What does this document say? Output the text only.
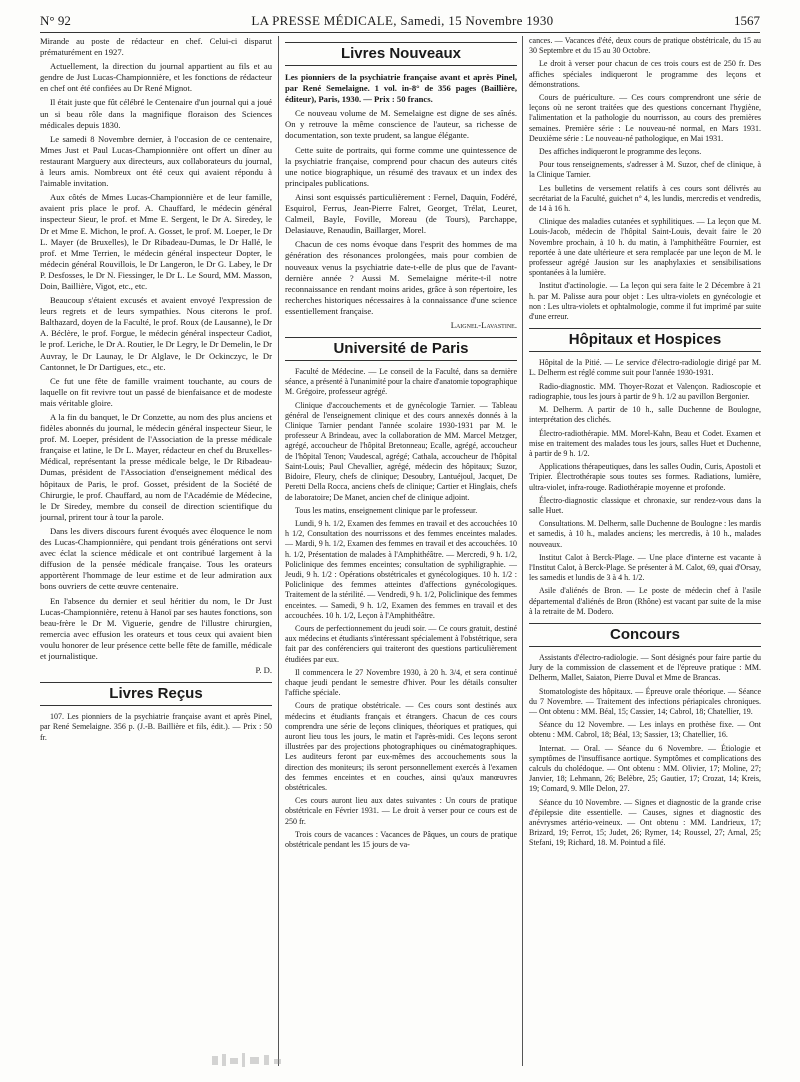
N° 92	LA PRESSE MÉDICALE, Samedi, 15 Novembre 1930	1567

Mirande au poste de rédacteur en chef. Celui-ci disparut prématurément en 1927.

Actuellement, la direction du journal appartient au fils et au gendre de Just Lucas-Championnière, et les fonctions de rédacteur en chef ont été confiées au Dr René Mignot.

Il était juste que fût célébré le Centenaire d'un journal qui a joué un si beau rôle dans la magnifique floraison des Sciences médicales depuis 1830.

Le samedi 8 Novembre dernier, à l'occasion de ce centenaire, Mmes Just et Paul Lucas-Championnière ont offert un dîner au restaurant Marguery aux directeurs, aux collaborateurs du journal, à leurs amis. Nombreux ont été ceux qui avaient répondu à l'aimable invitation.

Aux côtés de Mmes Lucas-Championnière et de leur famille, avaient pris place le prof. A. Chauffard, le médecin général inspecteur Sieur, le prof. et Mme E. Sergent, le Dr A. Siredey, le Dr et Mme E. Michon, le prof. A. Gosset, le prof. M. Loeper, le Dr L. Mayer (de Bruxelles), le Dr Ribadeau-Dumas, le Dr Hallé, le prof. et Mme Terrien, le médecin général inspecteur Dopter, le médecin général Rouvillois, le Dr Langeron, le Dr G. Labey, le Dr P. Desfosses, le Dr N. Fiessinger, le Dr L. Le Sourd, MM. Masson, Doin, Baillière, Vigot, etc., etc.

Beaucoup s'étaient excusés et avaient envoyé l'expression de leurs regrets et de leurs sympathies. Nous citerons le prof. Balthazard, doyen de la Faculté, le prof. Roux (de Lausanne), le Dr A. Béclère, le prof. Forgue, le médecin général inspecteur Cadiot, le prof. Leriche, le Dr A. Routier, le Dr Legry, le Dr Demelin, le Dr Auvray, le Dr Launay, le Dr Alglave, le Dr Ockinczyc, le Dr Cantonnet, le Dr Dartigues, etc., etc.

Ce fut une fête de famille vraiment touchante, au cours de laquelle on fit revivre tout un passé de bienfaisance et de modeste mais véritable gloire.

A la fin du banquet, le Dr Conzette, au nom des plus anciens et fidèles abonnés du journal, le médecin général inspecteur Sieur, le prof. M. Loeper, président de l'Association de la presse médicale française et latine, le Dr L. Mayer, rédacteur en chef du Bruxelles-Médical, représentant la presse médicale belge, le Dr Ribadeau-Dumas, président de l'Association d'enseignement médical des hôpitaux de Paris, le prof. Gosset, président de la Société de Chirurgie, le prof. Chauffard, au nom de l'Académie de Médecine, le Dr Siredey, membre du conseil de direction scientifique du journal, prirent tour à tour la parole.

Dans les divers discours furent évoqués avec éloquence le nom des Lucas-Championnière, qui pendant trois générations ont servi avec éclat la science médicale et ont contribué largement à la diffusion de la pensée médicale française. Tous les orateurs apportèrent l'hommage de leur estime et de leur admiration aux bons ouvriers de cette œuvre centenaire.

En l'absence du dernier et seul héritier du nom, le Dr Just Lucas-Championnière, retenu à Hanoï par ses hautes fonctions, son beau-frère le Dr M. Viguerie, gendre de l'illustre chirurgien, remercia avec effusion les orateurs et tous ceux qui avaient bien voulu honorer de leur présence cette belle fête de famille, médicale et journalistique.

P. D.
Livres Reçus

107. Les pionniers de la psychiatrie française avant et après Pinel, par René Semelaigne. 356 p. (J.-B. Baillière et fils, édit.). — Prix : 50 fr.

Livres Nouveaux

Les pionniers de la psychiatrie française avant et après Pinel, par René Semelaigne. 1 vol. in-8° de 356 pages (Baillière, éditeur), Paris, 1930. — Prix : 50 francs.

Ce nouveau volume de M. Semelaigne est digne de ses aînés. On y retrouve la même conscience de l'auteur, sa richesse de documentation, son texte prudent, sa langue élégante.

Cette suite de portraits, qui forme comme une quintessence de la psychiatrie française, comprend pour chacun des auteurs cités une notice biographique, un résumé des travaux et un index des principales publications.

Ainsi sont esquissés particulièrement : Fernel, Daquin, Fodéré, Esquirol, Ferrus, Jean-Pierre Falret, Georget, Trélat, Leuret, Calmeil, Bayle, Foville, Moreau (de Tours), Parchappe, Delasiauve, Renaudin, Baillarger, Morel.

Chacun de ces noms évoque dans l'esprit des hommes de ma génération des résonances prolongées, mais pour combien de nouveaux venus la psychiatrie date-t-elle de plus que de l'avant-dernière année ? Aussi M. Semelaigne mérite-t-il notre reconnaissance en rendant moins arides, grâce à son répertoire, les recherches historiques nécessaires à la connaissance d'une science essentiellement française.

Laignel-Lavastine.
Université de Paris

Faculté de Médecine. — Le conseil de la Faculté, dans sa dernière séance, a présenté à l'unanimité pour la chaire d'anatomie topographique M. Grégoire, professeur agrégé.

Clinique d'accouchements et de gynécologie Tarnier. — Tableau général de l'enseignement clinique et des cours annexés donnés à la Clinique Tarnier pendant l'année scolaire 1930-1931 par M. le professeur A Brindeau, avec la collaboration de MM. Marcel Metzger, agrégé, accoucheur de l'hôpital Bretonneau; Ecalle, agrégé, accoucheur de l'hôpital Tenon; Vaudescal, agrégé; Cathala, accoucheur de l'hôpital Saint-Louis; Paul Chevallier, agrégé, médecin des hôpitaux; Suzor, Bidoire, Fleury, chefs de clinique; Desoubry, Lantuéjoul, Jacquet, De Peretti Della Rocca, anciens chefs de clinique; Cartier et Hinglais, chefs de laboratoire; De Manet, ancien chef de clinique adjoint.

Tous les matins, enseignement clinique par le professeur.

Lundi, 9 h. 1/2, Examen des femmes en travail et des accouchées 10 h 1/2, Consultation des nourrissons et des femmes enceintes malades. — Mardi, 9 h. 1/2, Examen des femmes en travail et des accouchées. 10 h. 1/2, Présentation de malades à l'Amphithéâtre. — Mercredi, 9 h. 1/2, Policlinique des femmes enceintes; consultation de syphiligraphie. — Jeudi, 9 h. 1/2 : Opérations obstétricales et gynécologiques. 10 h. 1/2 : Policlinique des femmes atteintes d'affections gynécologiques. Traitement de la stérilité. — Vendredi, 9 h. 1/2, Policlinique des femmes enceintes. — Samedi, 9 h. 1/2, Examen des femmes en travail et des accouchées. 10 h. 1/2, Leçon à l'Amphithéâtre.

Cours de perfectionnement du jeudi soir. — Ce cours gratuit, destiné aux médecins et étudiants s'intéressant spécialement à l'obstétrique, sera fait par des conférenciers qui traiteront des questions particulièrement étudiées par eux.

Il commencera le 27 Novembre 1930, à 20 h. 3/4, et sera continué chaque jeudi pendant le semestre d'hiver. Pour les détails consulter l'affiche spéciale.

Cours de pratique obstétricale. — Ces cours sont destinés aux médecins et étudiants français et étrangers. Chacun de ces cours comprendra une série de leçons cliniques, théoriques et pratiques, qui auront lieu tous les jours, le matin et l'après-midi. Ces leçons seront illustrées par des projections photographiques ou cinématographiques. Les auditeurs feront par eux-mêmes des accouchements sous la direction des moniteurs; ils seront personnellement exercés à l'examen des femmes enceintes et en couches, ainsi qu'aux manœuvres obstétricales.

Ces cours auront lieu aux dates suivantes : Un cours de pratique obstétricale en Février 1931. — Le droit à verser pour ce cours est de 250 fr.

Trois cours de vacances : Vacances de Pâques, un cours de pratique obstétricale pendant les 15 jours de va-

cances. — Vacances d'été, deux cours de pratique obstétricale, du 15 au 30 Septembre et du 15 au 30 Octobre.

Le droit à verser pour chacun de ces trois cours est de 250 fr. Des affiches spéciales indiqueront le programme des leçons et démonstrations.

Cours de puériculture. — Ces cours comprendront une série de leçons où ne seront traitées que des questions concernant l'hygiène, l'alimentation et la pathologie du nourrisson, au cours des premières semaines. Première série : Le nouveau-né normal, en Mars 1931. Deuxième série : Le nouveau-né pathologique, en Mai 1931.

Des affiches indiqueront le programme des leçons.

Pour tous renseignements, s'adresser à M. Suzor, chef de clinique, à la Clinique Tarnier.

Les bulletins de versement relatifs à ces cours sont délivrés au secrétariat de la Faculté, guichet n° 4, les lundis, mercredis et vendredis, de 14 à 16 h.

Clinique des maladies cutanées et syphilitiques. — La leçon que M. Louis-Jacob, médecin de l'hôpital Saint-Louis, devait faire le 20 Novembre prochain, à 10 h. du matin, à l'amphithéâtre Fournier, est reportée à une date ultérieure et sera remplacée par une leçon de M. le professeur agrégé Jausion sur les anaphylaxies et sensibilisations spontanées à la lumière.

Institut d'actinologie. — La leçon qui sera faite le 2 Décembre à 21 h. par M. Palisse aura pour objet : Les ultra-violets en gynécologie et non : Les ultra-violets et ophtalmologie, comme il fut imprimé par suite d'une erreur.

Hôpitaux et Hospices

Hôpital de la Pitié. — Le service d'électro-radiologie dirigé par M. L. Delherm est réglé comme suit pour l'année 1930-1931.

Radio-diagnostic. MM. Thoyer-Rozat et Valençon. Radioscopie et radiographie, tous les jours à partir de 9 h. 1/2 au pavillon Bergonier.

M. Delherm. A partir de 10 h., salle Duchenne de Boulogne, interprétation des clichés.

Électro-radiothérapie. MM. Morel-Kahn, Beau et Codet. Examen et mise en traitement des malades tous les jours, salles Huet et Duchenne, à partir de 9 h. 1/2.

Applications thérapeutiques, dans les salles Oudin, Curis, Apostoli et Tripier. Électrothérapie sous toutes ses formes. Radiations, lumière, ultra-violet, infra-rouge. Radiothérapie moyenne et profonde.

Électro-diagnostic classique et chronaxie, sur rendez-vous dans la salle Huet.

Consultations. M. Delherm, salle Duchenne de Boulogne : les mardis et samedis, à 10 h., malades anciens; les mercredis, à 10 h., malades nouveaux.

Institut Calot à Berck-Plage. — Une place d'interne est vacante à l'Institut Calot, à Berck-Plage. Se présenter à M. Calot, 69, quai d'Orsay, les samedis et lundis de 3 à 4 h. 1/2.

Asile d'aliénés de Bron. — Le poste de médecin chef à l'asile départemental d'aliénés de Bron (Rhône) est vacant par suite de la mise à la retraite de M. Dodero.

Concours

Assistants d'électro-radiologie. — Sont désignés pour faire partie du Jury de la commission de classement et de l'épreuve pratique : MM. Delherm, Mallet, Saiaton, Pierre Duval et Mme de Brancas.

Stomatologiste des hôpitaux. — Épreuve orale théorique. — Séance du 7 Novembre. — Traitement des infections périapicales chroniques. — Ont obtenu : MM. Béal, 15; Cassier, 14; Cabrol, 18; Chatellier, 19.

Séance du 12 Novembre. — Les inlays en prothèse fixe. — Ont obtenu : MM. Cabrol, 18; Béal, 13; Sassier, 13; Chatellier, 16.

Internat. — Oral. — Séance du 6 Novembre. — Étiologie et symptômes de l'insuffisance aortique. Symptômes et complications des calculs du cholédoque. — Ont obtenu : MM. Olivier, 17; Moline, 27; Janvier, 18; Lehmann, 26; Belèbre, 25; Gautier, 17; Crozat, 14; Kreis, 19; Comard, 9. Mlle Delon, 27.

Séance du 10 Novembre. — Signes et diagnostic de la grande crise d'épilepsie dite essentielle. — Causes, signes et diagnostic des anévrysmes artério-veineux. — Ont obtenu : MM. Landrieux, 17; Brizard, 19; Ferrot, 15; Judet, 26; Rymer, 14; Roussel, 27; Arnal, 25; Stefani, 19; Richard, 18. M. Pointud a filé.
